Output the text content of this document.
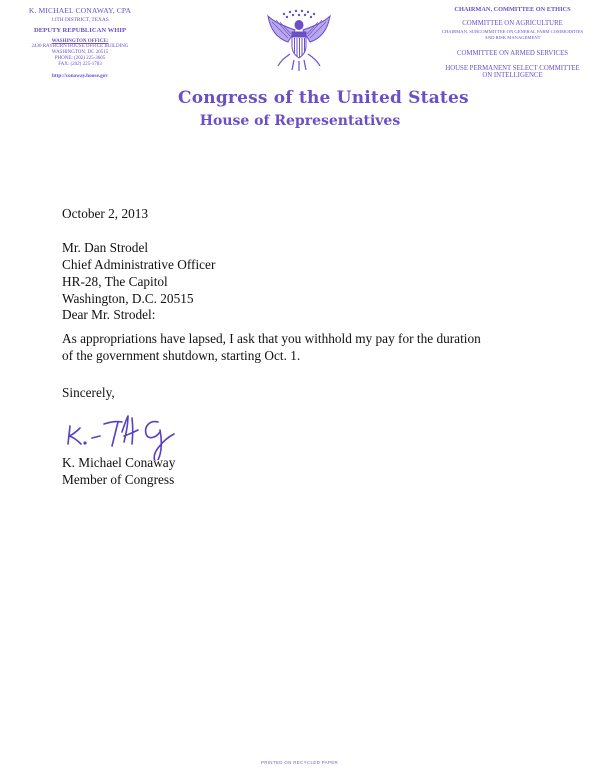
K. MICHAEL CONAWAY, CPA
11TH DISTRICT, TEXAS
DEPUTY REPUBLICAN WHIP
WASHINGTON OFFICE:
2430 RAYBURN HOUSE OFFICE BUILDING
WASHINGTON, DC 20515
PHONE: (202) 225-3605
FAX: (202) 225-1783
http://conaway.house.gov
Congress of the United States
House of Representatives
CHAIRMAN, COMMITTEE ON ETHICS
COMMITTEE ON AGRICULTURE
CHAIRMAN, SUBCOMMITTEE ON GENERAL FARM COMMODITIES AND RISK MANAGEMENT
COMMITTEE ON ARMED SERVICES
HOUSE PERMANENT SELECT COMMITTEE ON INTELLIGENCE
October 2, 2013
Mr. Dan Strodel
Chief Administrative Officer
HR-28, The Capitol
Washington, D.C. 20515
Dear Mr. Strodel:
As appropriations have lapsed, I ask that you withhold my pay for the duration of the government shutdown, starting Oct. 1.
Sincerely,
K. Michael Conaway
Member of Congress
PRINTED ON RECYCLED PAPER
